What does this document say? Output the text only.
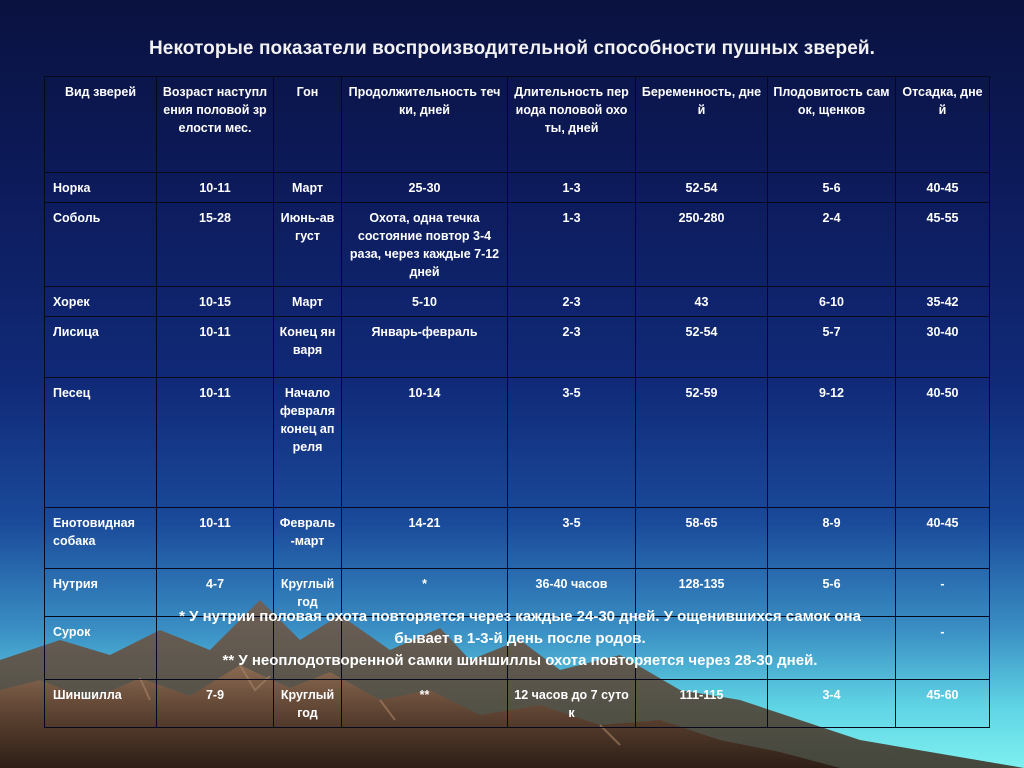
Некоторые показатели воспроизводительной способности пушных зверей.
Вид зверей	Возраст наступления половой зрелости мес.	Гон	Продолжительность течки, дней	Длительность периода половой охоты, дней	Беременность, дней	Плодовитость самок, щенков	Отсадка, дней
Норка	10-11	Март	25-30	1-3	52-54	5-6	40-45
Соболь	15-28	Июнь-август	Охота, одна течка состояние повтор 3-4 раза, через каждые 7-12 дней	1-3	250-280	2-4	45-55
Хорек	10-15	Март	5-10	2-3	43	6-10	35-42
Лисица	10-11	Конец января	Январь-февраль	2-3	52-54	5-7	30-40
Песец	10-11	Начало февраля конец апреля	10-14	3-5	52-59	9-12	40-50
Енотовидная собака	10-11	Февраль-март	14-21	3-5	58-65	8-9	40-45
Нутрия	4-7	Круглый год	*	36-40 часов	128-135	5-6	-
Сурок							-
Шиншилла	7-9	Круглый год	**	12 часов до 7 суток	111-115	3-4	45-60
* У нутрии половая охота повторяется через каждые 24-30 дней. У ощенившихся самок она
бывает в 1-3-й день после родов.
** У неоплодотворенной самки шиншиллы охота повторяется через 28-30 дней.
